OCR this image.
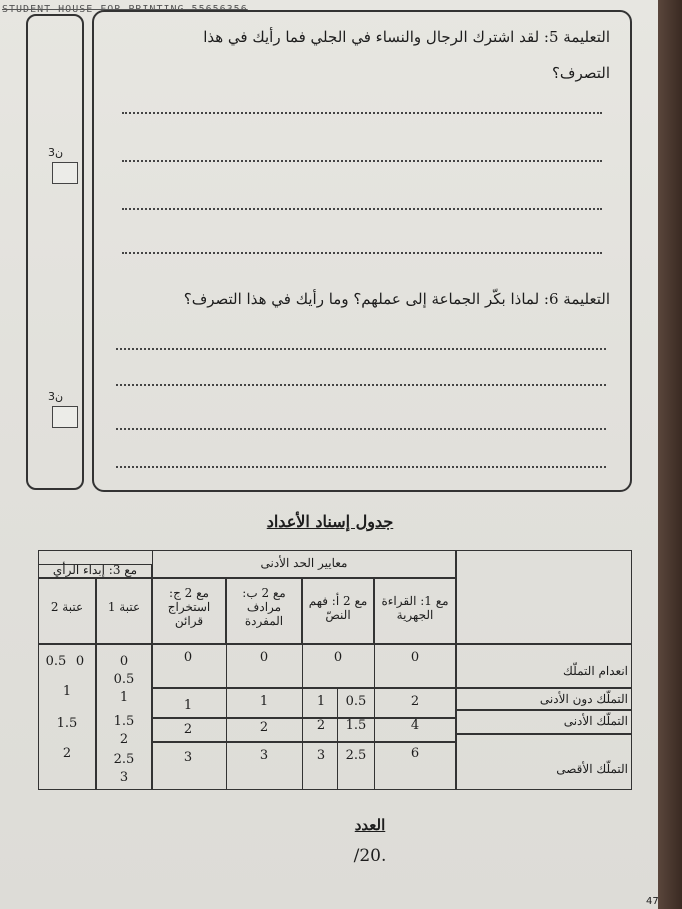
STUDENT HOUSE FOR PRINTING 55656356
3ن
3ن
التعليمة 5: لقد اشترك الرجال والنساء في الجلي فما رأيك في هذا
التصرف؟
التعليمة 6: لماذا بكّر الجماعة إلى عملهم؟ وما رأيك في هذا التصرف؟
جدول إسناد الأعداد
مع 3: إبداء الرأي	معايير الحد الأدنى
عتبة 2	عتبة 1
مع 2 ج: استخراج قرائن
مع 2 ب: مرادف المفردة
مع 2 أ: فهم النصّ
مع 1: القراءة الجهرية
انعدام التملّك
التملّك دون الأدنى
التملّك الأدنى
التملّك الأقصى
0
0
0
0
0
0.5
0.5 0
2
0.5
1
1
1
1
1
4
1.5
2
2
2
1.5
2
1.5
6
2.5
3
3
3
2.5
3
2
العدد
/20.
47
